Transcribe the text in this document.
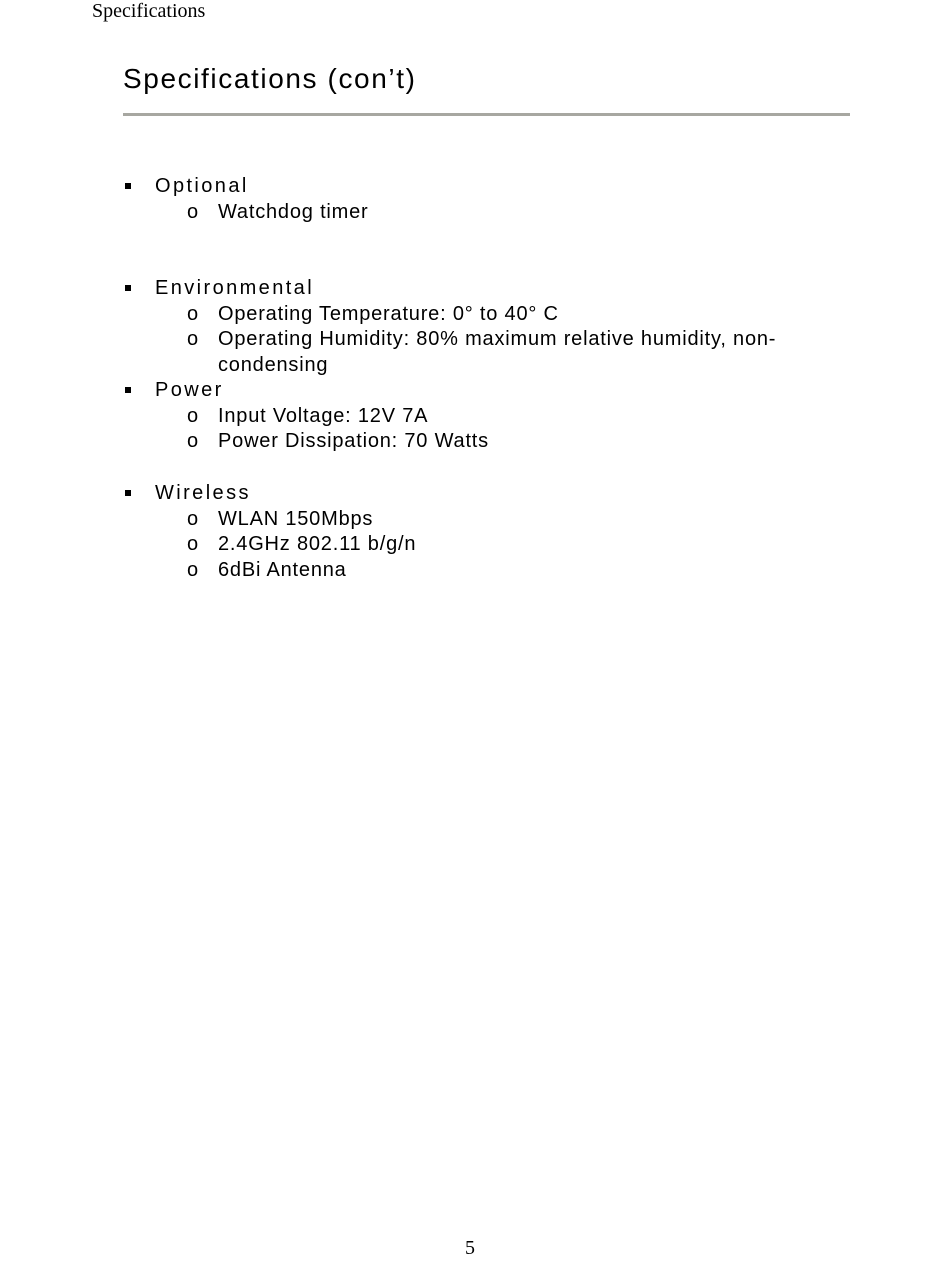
Specifications
Specifications (con’t)
Optional
o Watchdog timer
Environmental
o Operating Temperature: 0° to 40° C
o Operating Humidity: 80% maximum relative humidity, non-condensing
Power
o Input Voltage: 12V 7A
o Power Dissipation: 70 Watts
Wireless
o WLAN 150Mbps
o 2.4GHz 802.11 b/g/n
o 6dBi Antenna
5
